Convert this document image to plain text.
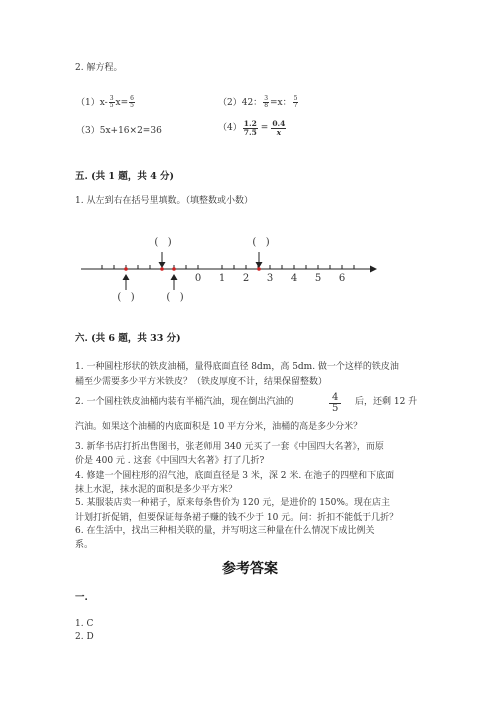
2. 解方程。
（1） $x- \frac{3}{5} x= \frac{6}{5}$	（2） 42： $\frac{3}{8} =x$： $\frac{5}{7}$
（3） 5x+16×2=36	$(4) \frac{1.2}{7.5} = \frac{0.4}{x}$
五. (共 1 题，共 4 分)
1. 从左到右在括号里填数。（填整数或小数）
(   )	(   )
0 1 2 3 4 5 6
(   )	(   )
六. (共 6 题，共 33 分)
1. 一种圆柱形状的铁皮油桶，量得底面直径 8dm，高 5dm. 做一个这样的铁皮油
桶至少需要多少平方米铁皮？（铁皮厚度不计，结果保留整数）
2. 一个圆柱铁皮油桶内装有半桶汽油，现在倒出汽油的	$\frac{4}{5}$ 后，还剩 12 升
汽油。如果这个油桶的内底面积是 10 平方分米，油桶的高是多少分米？
3. 新华书店打折出售图书，张老师用 340 元买了一套《中国四大名著》，而原
价是 400 元 . 这套《中国四大名著》打了几折?
4. 修建一个圆柱形的沼气池，底面直径是 3 米，深 2 米. 在池子的四壁和下底面
抹上水泥，抹水泥的面积是多少平方米？
5. 某服装店卖一种裙子，原来每条售价为 120 元，是进价的 150%。现在店主
计划打折促销，但要保证每条裙子赚的钱不少于 10 元。问：折扣不能低于几折？
6. 在生活中，找出三种相关联的量，并写明这三种量在什么情况下成比例关
系。
参考答案
一.
1. C
2. D
